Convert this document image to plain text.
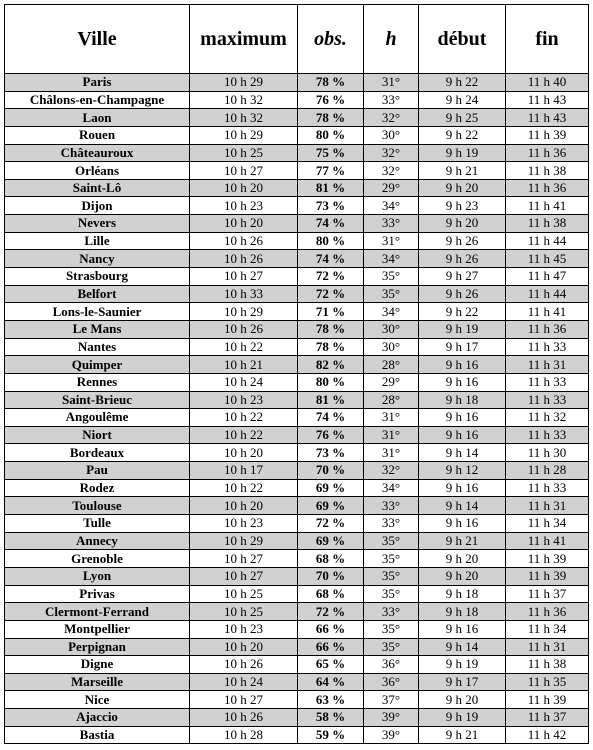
Ville	maximum	obs.	h	début	fin
Paris	10 h 29	78 %	31°	9 h 22	11 h 40
Châlons-en-Champagne	10 h 32	76 %	33°	9 h 24	11 h 43
Laon	10 h 32	78 %	32°	9 h 25	11 h 43
Rouen	10 h 29	80 %	30°	9 h 22	11 h 39
Châteauroux	10 h 25	75 %	32°	9 h 19	11 h 36
Orléans	10 h 27	77 %	32°	9 h 21	11 h 38
Saint-Lô	10 h 20	81 %	29°	9 h 20	11 h 36
Dijon	10 h 23	73 %	34°	9 h 23	11 h 41
Nevers	10 h 20	74 %	33°	9 h 20	11 h 38
Lille	10 h 26	80 %	31°	9 h 26	11 h 44
Nancy	10 h 26	74 %	34°	9 h 26	11 h 45
Strasbourg	10 h 27	72 %	35°	9 h 27	11 h 47
Belfort	10 h 33	72 %	35°	9 h 26	11 h 44
Lons-le-Saunier	10 h 29	71 %	34°	9 h 22	11 h 41
Le Mans	10 h 26	78 %	30°	9 h 19	11 h 36
Nantes	10 h 22	78 %	30°	9 h 17	11 h 33
Quimper	10 h 21	82 %	28°	9 h 16	11 h 31
Rennes	10 h 24	80 %	29°	9 h 16	11 h 33
Saint-Brieuc	10 h 23	81 %	28°	9 h 18	11 h 33
Angoulême	10 h 22	74 %	31°	9 h 16	11 h 32
Niort	10 h 22	76 %	31°	9 h 16	11 h 33
Bordeaux	10 h 20	73 %	31°	9 h 14	11 h 30
Pau	10 h 17	70 %	32°	9 h 12	11 h 28
Rodez	10 h 22	69 %	34°	9 h 16	11 h 33
Toulouse	10 h 20	69 %	33°	9 h 14	11 h 31
Tulle	10 h 23	72 %	33°	9 h 16	11 h 34
Annecy	10 h 29	69 %	35°	9 h 21	11 h 41
Grenoble	10 h 27	68 %	35°	9 h 20	11 h 39
Lyon	10 h 27	70 %	35°	9 h 20	11 h 39
Privas	10 h 25	68 %	35°	9 h 18	11 h 37
Clermont-Ferrand	10 h 25	72 %	33°	9 h 18	11 h 36
Montpellier	10 h 23	66 %	35°	9 h 16	11 h 34
Perpignan	10 h 20	66 %	35°	9 h 14	11 h 31
Digne	10 h 26	65 %	36°	9 h 19	11 h 38
Marseille	10 h 24	64 %	36°	9 h 17	11 h 35
Nice	10 h 27	63 %	37°	9 h 20	11 h 39
Ajaccio	10 h 26	58 %	39°	9 h 19	11 h 37
Bastia	10 h 28	59 %	39°	9 h 21	11 h 42
